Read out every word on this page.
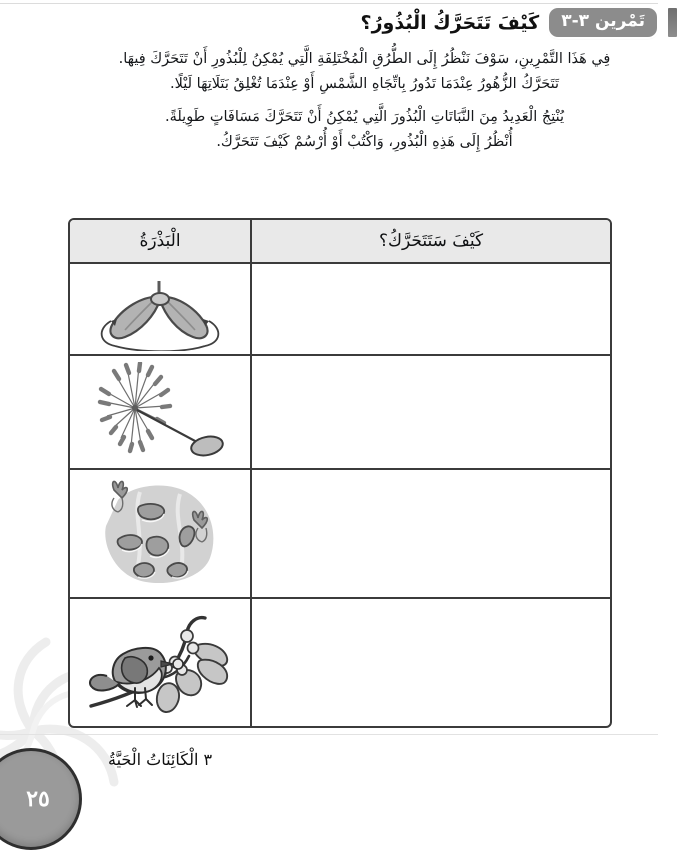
تَمْرين ٣-٣
كَيْفَ تَتَحَرَّكُ الْبُذُورُ؟

فِي هَذَا التَّمْرِينِ، سَوْفَ نَنْظُرُ إِلَى الطُّرُقِ الْمُخْتَلِفَةِ الَّتِي يُمْكِنُ لِلْبُذُورِ أَنْ تَتَحَرَّكَ فِيهَا.

تَتَحَرَّكُ الزُّهُورُ عِنْدَمَا تَدُورُ بِاتِّجَاهِ الشَّمْسِ أَوْ عِنْدَمَا تُغْلِقُ بَتَلَاتِهَا لَيْلًا.

يُنْتِجُ الْعَدِيدُ مِنَ النَّبَاتَاتِ الْبُذُورَ الَّتِي يُمْكِنُ أَنْ تَتَحَرَّكَ مَسَافَاتٍ طَوِيلَةً.

أُنْظُرُ إِلَى هَذِهِ الْبُذُورِ، وَاكْتُبْ أَوْ أُرْسُمْ كَيْفَ تَتَحَرَّكُ.

كَيْفَ سَتَتَحَرَّكُ؟
الْبَذْرَةُ
٣ الْكَائِنَاتُ الْحَيَّةُ
٢٥
